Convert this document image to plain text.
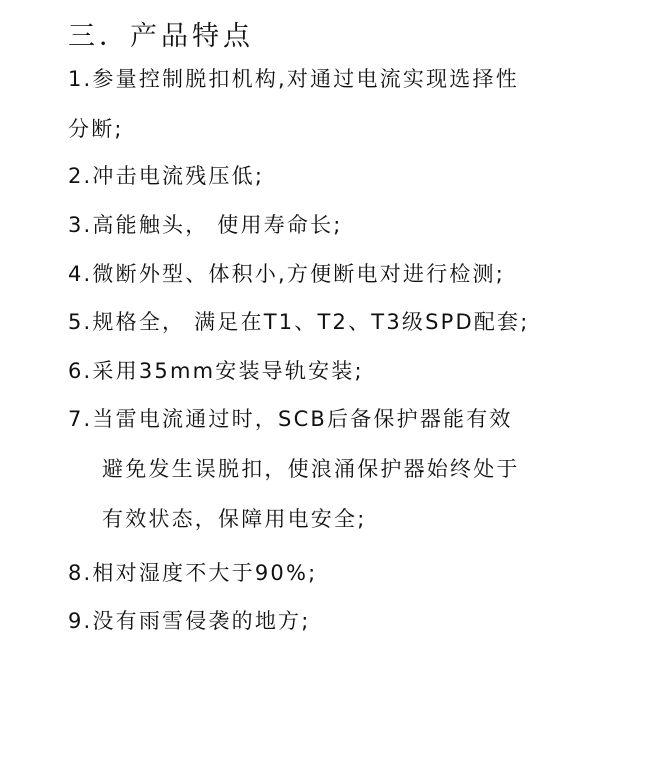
三．产品特点
1.参量控制脱扣机构,对通过电流实现选择性
分断;
2.冲击电流残压低;
3.高能触头， 使用寿命长;
4.微断外型、体积小,方便断电对进行检测;
5.规格全， 满足在T1、T2、T3级SPD配套;
6.采用35mm安装导轨安装;
7.当雷电流通过时，SCB后备保护器能有效
避免发生误脱扣，使浪涌保护器始终处于
有效状态，保障用电安全;
8.相对湿度不大于90%;
9.没有雨雪侵袭的地方;
